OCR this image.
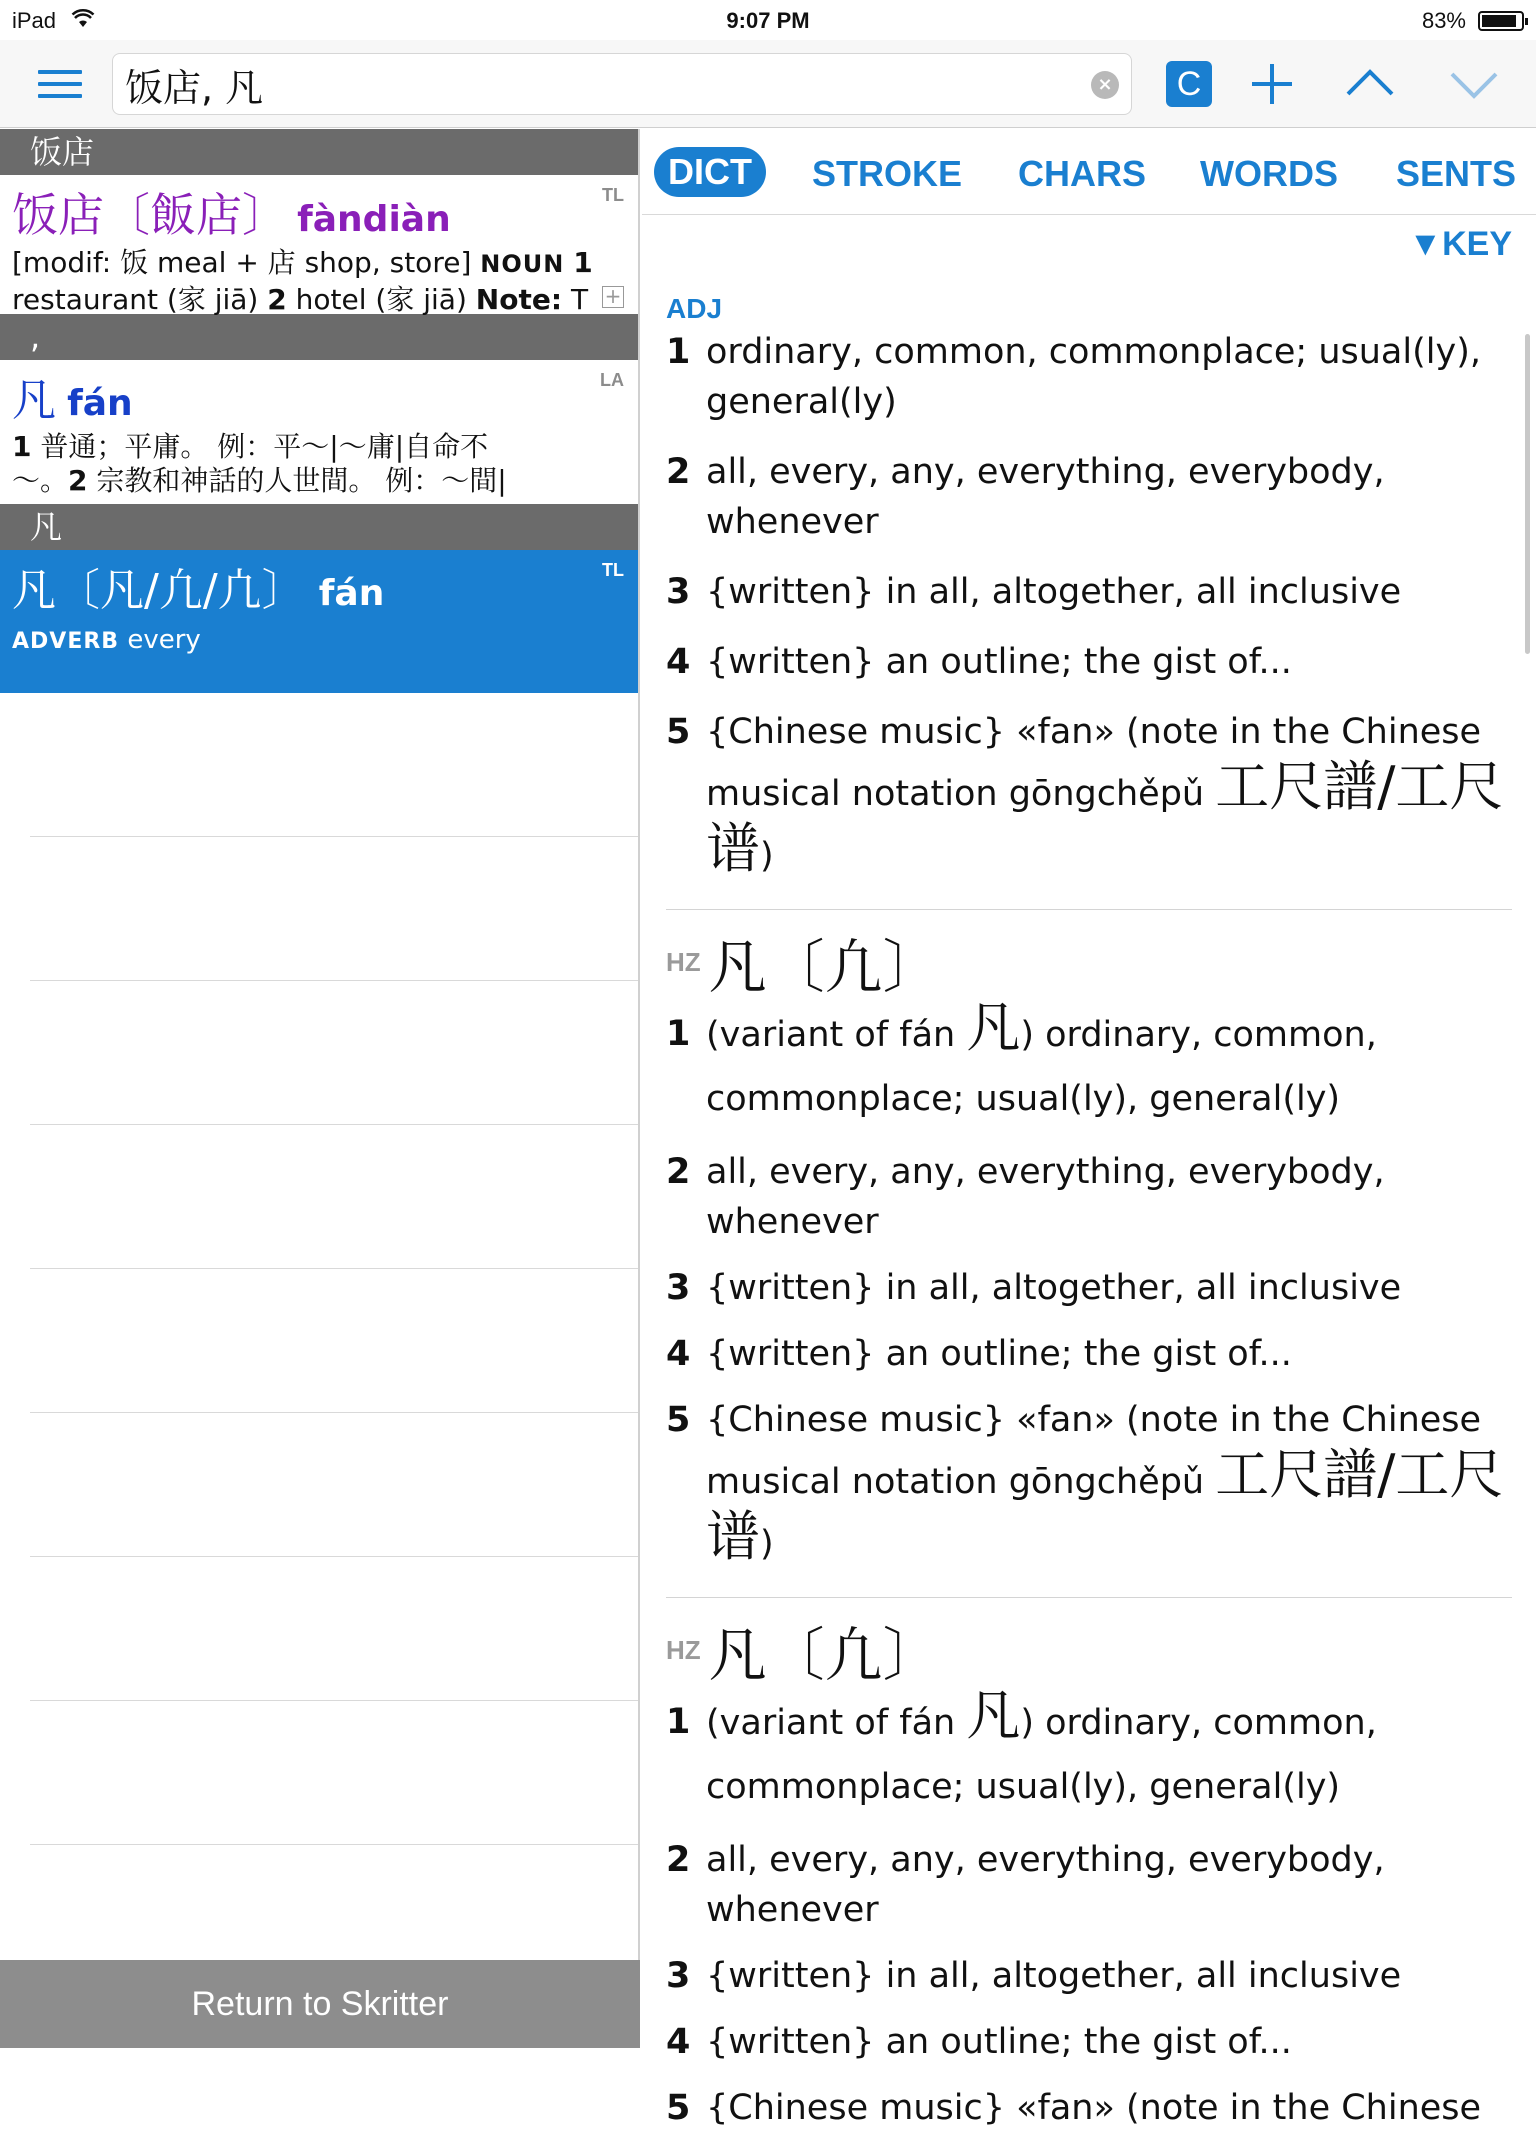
iPad	9:07 PM	83%
饭店, 凡
×	C
饭店
TL
饭店〔飯店〕 fàndiàn
[modif: 饭 meal + 店 shop, store] NOUN 1
restaurant (家 jiā) 2 hotel (家 jiā) Note: T +
,
LA
凡 fán
1 普通；平庸。 例：平～|～庸|自命不
～。2 宗教和神話的人世間。 例：～間|
凡
TL
凡〔凡/凢/凣〕 fán
ADVERB every
Return to Skritter
DICT	STROKE CHARS WORDS SENTS
▼KEY
ADJ
1 ordinary, common, commonplace; usual(ly), general(ly)
2 all, every, any, everything, everybody, whenever
3 {written} in all, altogether, all inclusive
4 {written} an outline; the gist of...
5 {Chinese music} «fan» (note in the Chinese musical notation gōngchěpǔ 工尺譜/工尺谱)
HZ 凡〔凢〕
1 (variant of fán 凡) ordinary, common, commonplace; usual(ly), general(ly)
2 all, every, any, everything, everybody, whenever
3 {written} in all, altogether, all inclusive
4 {written} an outline; the gist of...
5 {Chinese music} «fan» (note in the Chinese musical notation gōngchěpǔ 工尺譜/工尺谱)
HZ 凡〔凢〕
1 (variant of fán 凡) ordinary, common, commonplace; usual(ly), general(ly)
2 all, every, any, everything, everybody, whenever
3 {written} in all, altogether, all inclusive
4 {written} an outline; the gist of...
5 {Chinese music} «fan» (note in the Chinese
